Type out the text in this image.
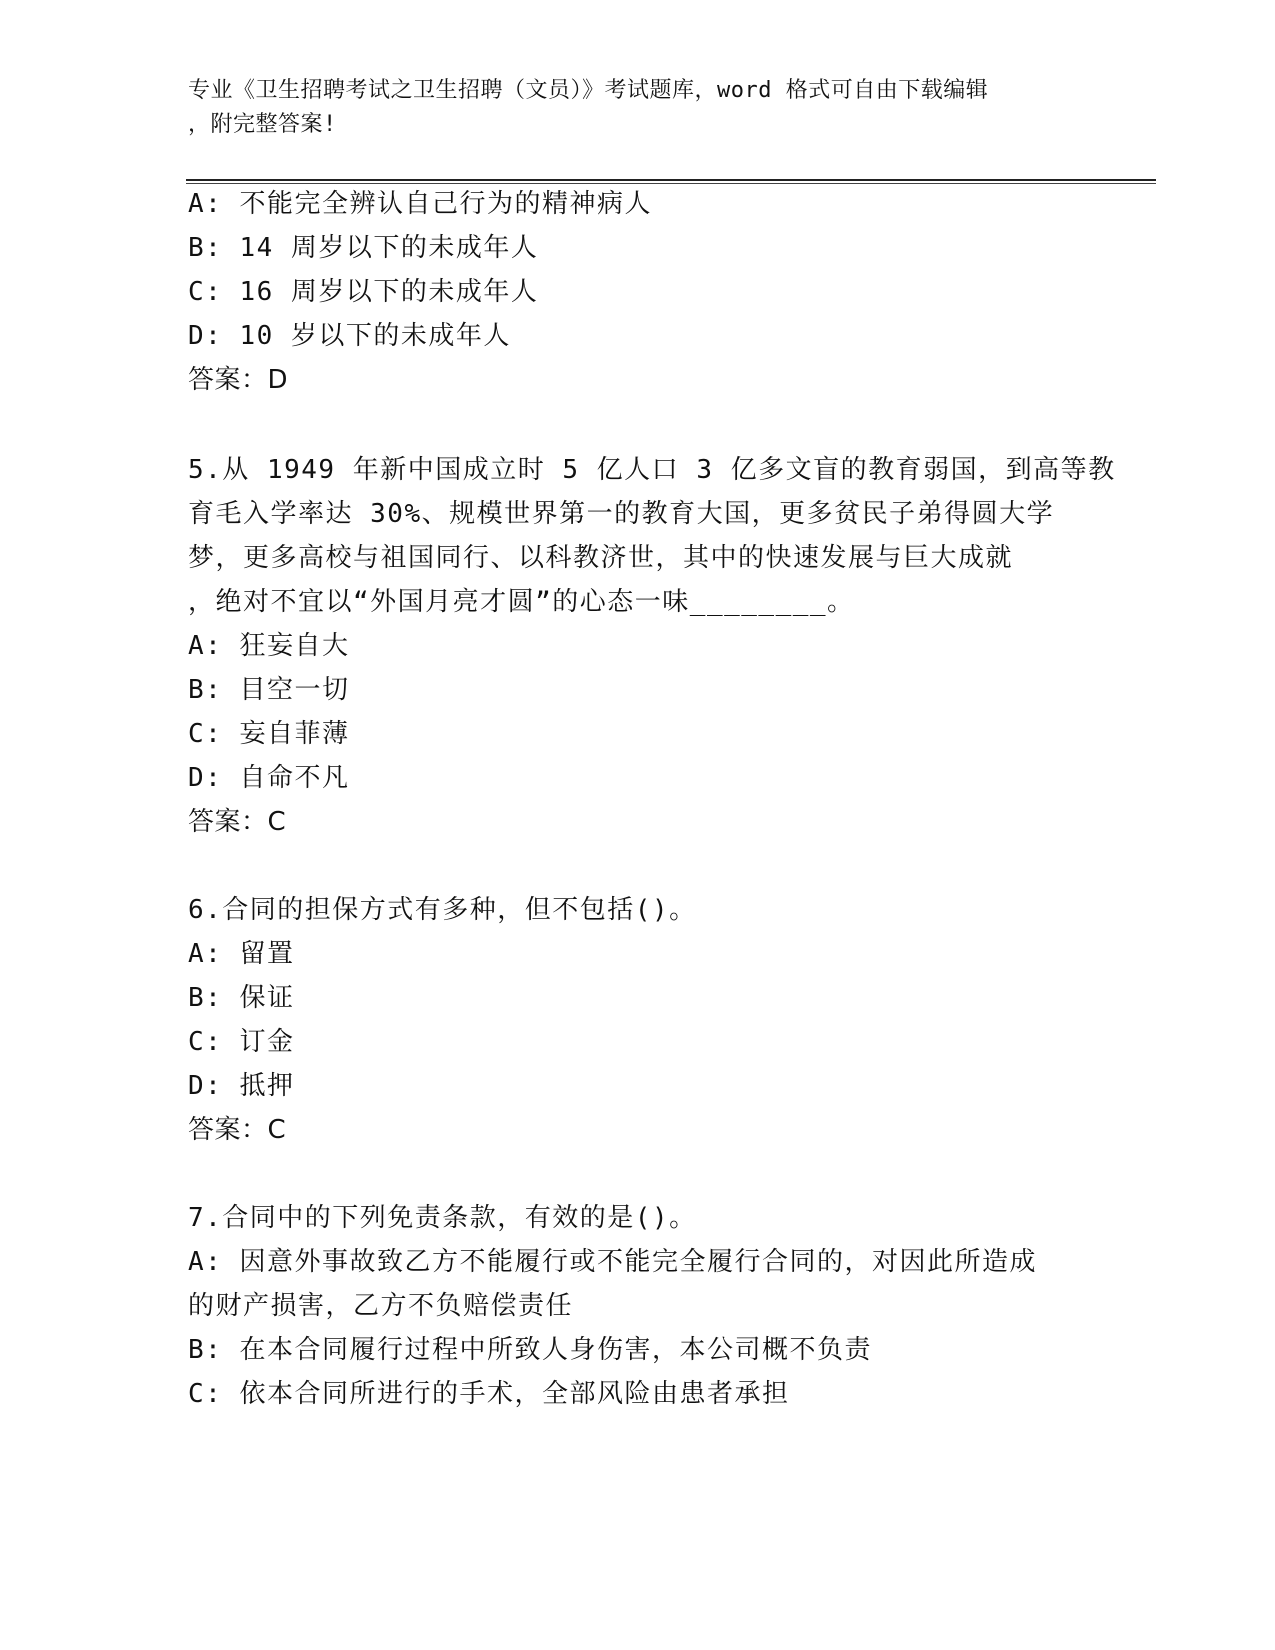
专业《卫生招聘考试之卫生招聘（文员）》考试题库，word 格式可自由下载编辑
，附完整答案!
A: 不能完全辨认自己行为的精神病人
B: 14 周岁以下的未成年人
C: 16 周岁以下的未成年人
D: 10 岁以下的未成年人
答案：D
5.从 1949 年新中国成立时 5 亿人口 3 亿多文盲的教育弱国，到高等教
育毛入学率达 30%、规模世界第一的教育大国，更多贫民子弟得圆大学
梦，更多高校与祖国同行、以科教济世，其中的快速发展与巨大成就
，绝对不宜以“外国月亮才圆”的心态一味________。
A: 狂妄自大
B: 目空一切
C: 妄自菲薄
D: 自命不凡
答案：C
6.合同的担保方式有多种，但不包括()。
A: 留置
B: 保证
C: 订金
D: 抵押
答案：C
7.合同中的下列免责条款，有效的是()。
A: 因意外事故致乙方不能履行或不能完全履行合同的，对因此所造成
的财产损害，乙方不负赔偿责任
B: 在本合同履行过程中所致人身伤害，本公司概不负责
C: 依本合同所进行的手术，全部风险由患者承担
